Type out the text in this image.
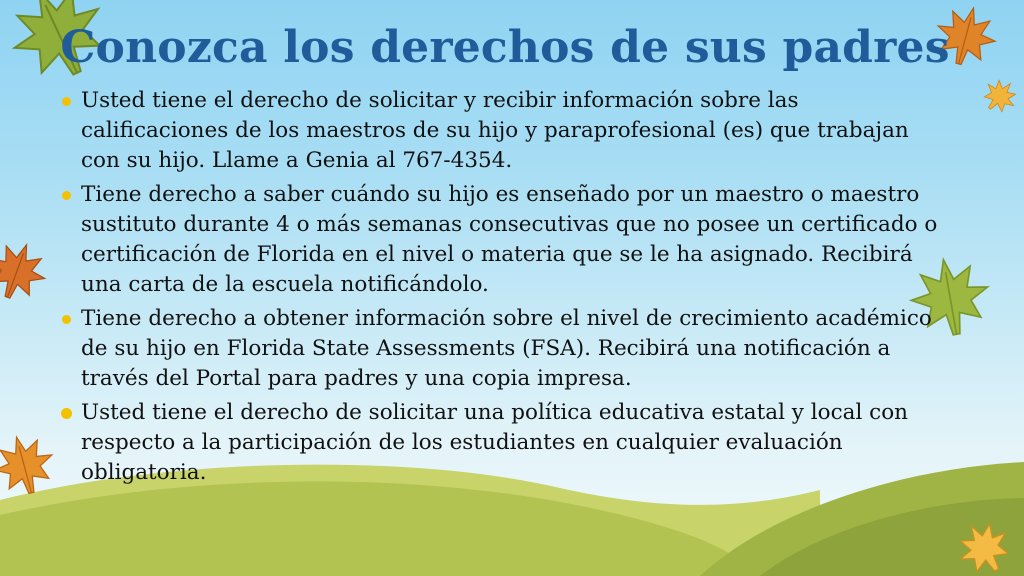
Conozca los derechos de sus padres
Usted tiene el derecho de solicitar y recibir información sobre las calificaciones de los maestros de su hijo y paraprofesional (es) que trabajan con su hijo. Llame a Genia al 767-4354.
Tiene derecho a saber cuándo su hijo es enseñado por un maestro o maestro sustituto durante 4 o más semanas consecutivas que no posee un certificado o certificación de Florida en el nivel o materia que se le ha asignado. Recibirá una carta de la escuela notificándolo.
Tiene derecho a obtener información sobre el nivel de crecimiento académico de su hijo en Florida State Assessments (FSA). Recibirá una notificación a través del Portal para padres y una copia impresa.
Usted tiene el derecho de solicitar una política educativa estatal y local con respecto a la participación de los estudiantes en cualquier evaluación obligatoria.
